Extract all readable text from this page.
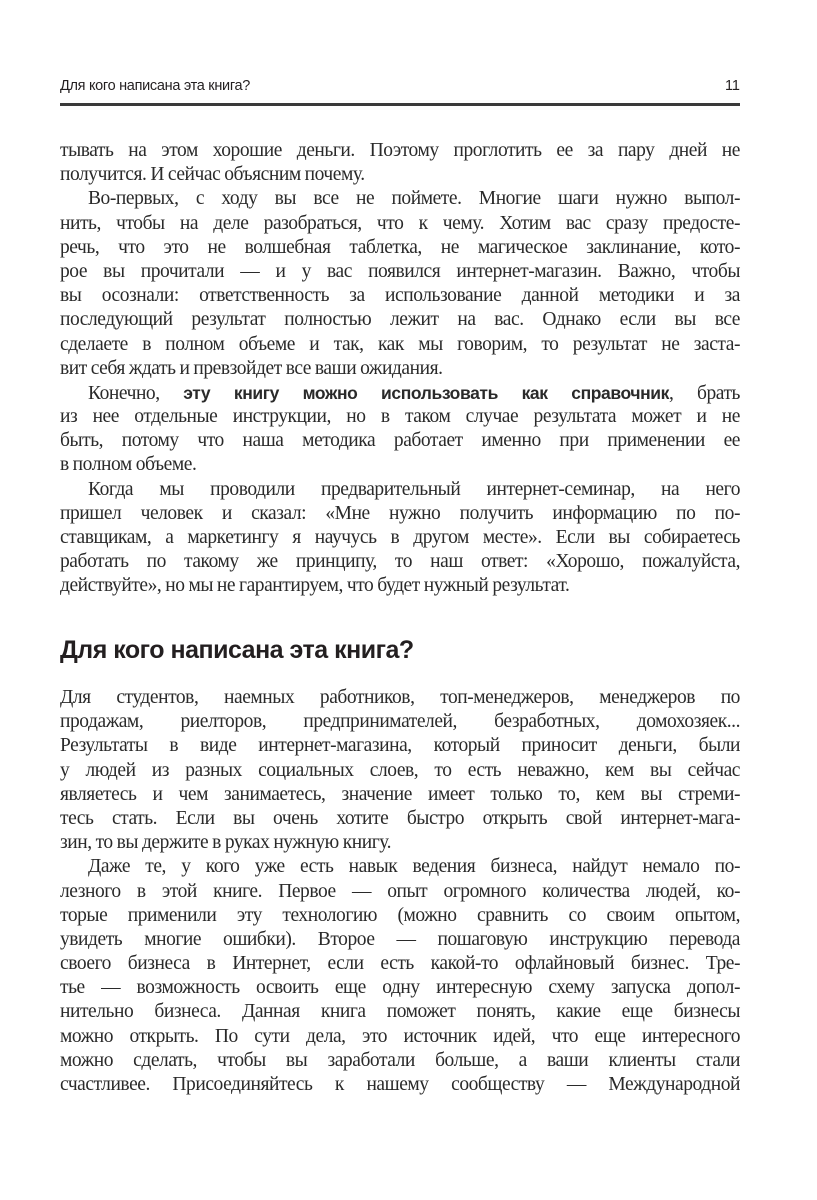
Для кого написана эта книга?	11
тывать на этом хорошие деньги. Поэтому проглотить ее за пару дней не
получится. И сейчас объясним почему.
Во-первых, с ходу вы все не поймете. Многие шаги нужно выпол-
нить, чтобы на деле разобраться, что к чему. Хотим вас сразу предосте-
речь, что это не волшебная таблетка, не магическое заклинание, кото-
рое вы прочитали — и у вас появился интернет-магазин. Важно, чтобы
вы осознали: ответственность за использование данной методики и за
последующий результат полностью лежит на вас. Однако если вы все
сделаете в полном объеме и так, как мы говорим, то результат не заста-
вит себя ждать и превзойдет все ваши ожидания.
Конечно, эту книгу можно использовать как справочник, брать
из нее отдельные инструкции, но в таком случае результата может и не
быть, потому что наша методика работает именно при применении ее
в полном объеме.
Когда мы проводили предварительный интернет-семинар, на него
пришел человек и сказал: «Мне нужно получить информацию по по-
ставщикам, а маркетингу я научусь в другом месте». Если вы собираетесь
работать по такому же принципу, то наш ответ: «Хорошо, пожалуйста,
действуйте», но мы не гарантируем, что будет нужный результат.
Для кого написана эта книга?
Для студентов, наемных работников, топ-менеджеров, менеджеров по
продажам, риелторов, предпринимателей, безработных, домохозяек...
Результаты в виде интернет-магазина, который приносит деньги, были
у людей из разных социальных слоев, то есть неважно, кем вы сейчас
являетесь и чем занимаетесь, значение имеет только то, кем вы стреми-
тесь стать. Если вы очень хотите быстро открыть свой интернет-мага-
зин, то вы держите в руках нужную книгу.
Даже те, у кого уже есть навык ведения бизнеса, найдут немало по-
лезного в этой книге. Первое — опыт огромного количества людей, ко-
торые применили эту технологию (можно сравнить со своим опытом,
увидеть многие ошибки). Второе — пошаговую инструкцию перевода
своего бизнеса в Интернет, если есть какой-то офлайновый бизнес. Тре-
тье — возможность освоить еще одну интересную схему запуска допол-
нительно бизнеса. Данная книга поможет понять, какие еще бизнесы
можно открыть. По сути дела, это источник идей, что еще интересного
можно сделать, чтобы вы заработали больше, а ваши клиенты стали
счастливее. Присоединяйтесь к нашему сообществу — Международной
